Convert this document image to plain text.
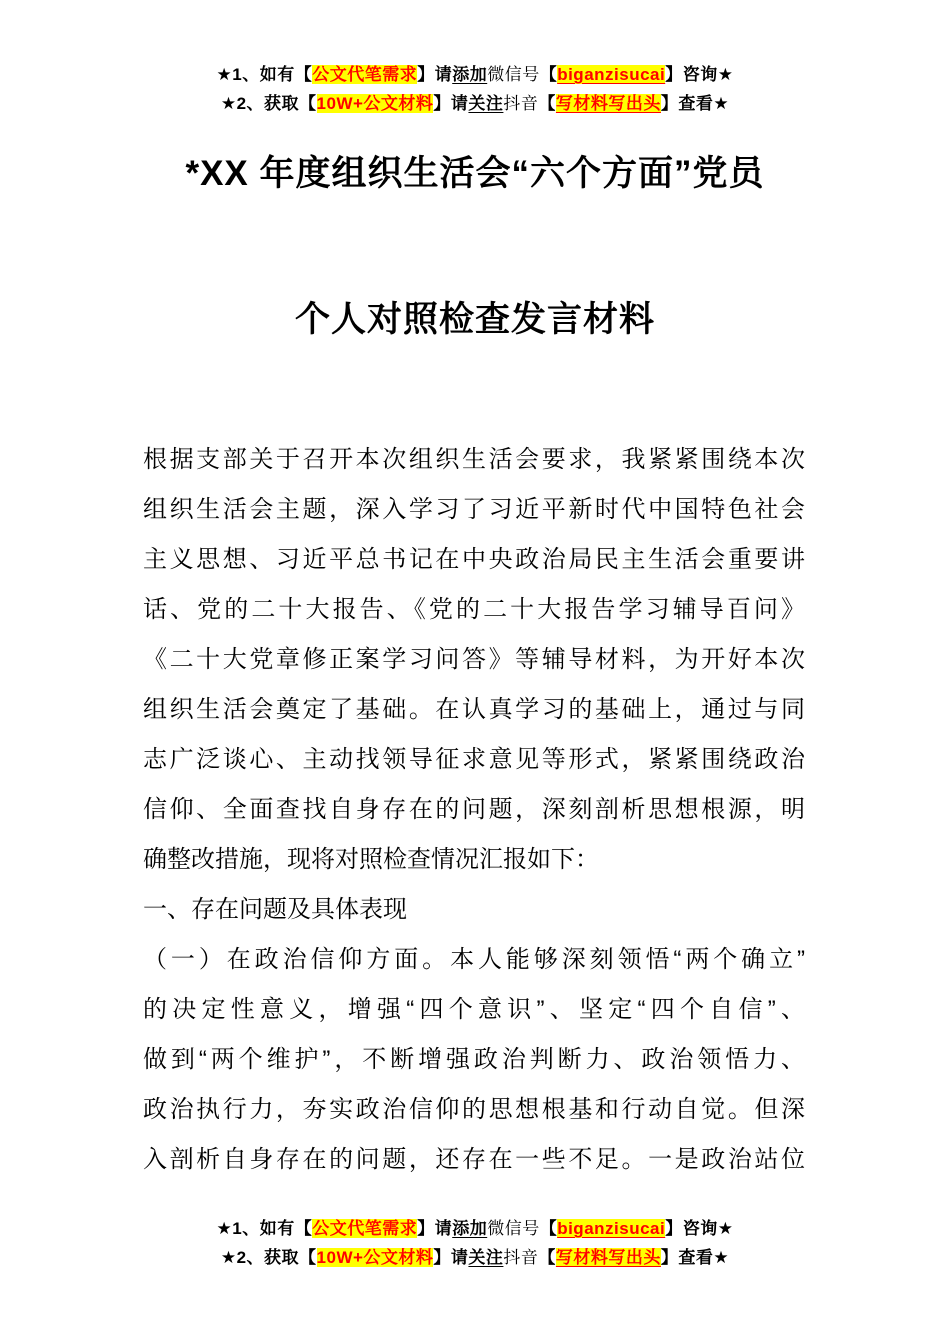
★1、如有【公文代笔需求】请添加微信号【biganzisucai】咨询★
★2、获取【10W+公文材料】请关注抖音【写材料写出头】查看★
*XX 年度组织生活会“六个方面”党员
个人对照检查发言材料
根据支部关于召开本次组织生活会要求，我紧紧围绕本次
组织生活会主题，深入学习了习近平新时代中国特色社会
主义思想、习近平总书记在中央政治局民主生活会重要讲
话、党的二十大报告、《党的二十大报告学习辅导百问》
《二十大党章修正案学习问答》等辅导材料，为开好本次
组织生活会奠定了基础。在认真学习的基础上，通过与同
志广泛谈心、主动找领导征求意见等形式，紧紧围绕政治
信仰、全面查找自身存在的问题，深刻剖析思想根源，明
确整改措施，现将对照检查情况汇报如下：
一、存在问题及具体表现
（一）在政治信仰方面。本人能够深刻领悟“两个确立”
的决定性意义，增强“四个意识”、坚定“四个自信”、
做到“两个维护”，不断增强政治判断力、政治领悟力、
政治执行力，夯实政治信仰的思想根基和行动自觉。但深
入剖析自身存在的问题，还存在一些不足。一是政治站位
★1、如有【公文代笔需求】请添加微信号【biganzisucai】咨询★
★2、获取【10W+公文材料】请关注抖音【写材料写出头】查看★
